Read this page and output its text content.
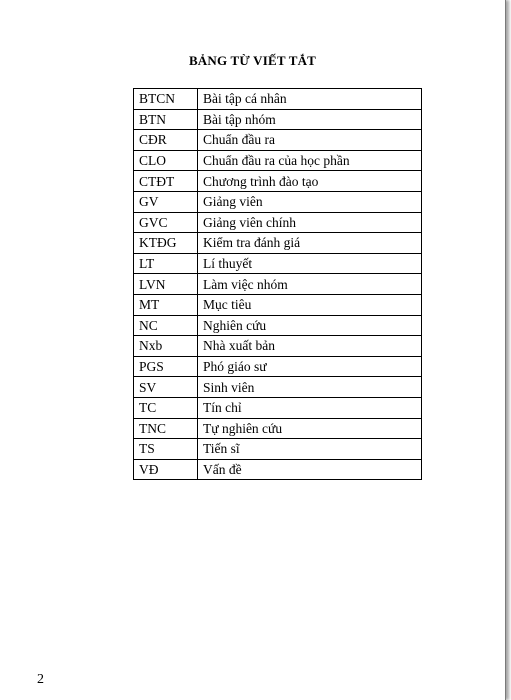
BẢNG TỪ VIẾT TẮT
BTCN	Bài tập cá nhân
BTN	Bài tập nhóm
CĐR	Chuẩn đầu ra
CLO	Chuẩn đầu ra của học phần
CTĐT	Chương trình đào tạo
GV	Giảng viên
GVC	Giảng viên chính
KTĐG	Kiểm tra đánh giá
LT	Lí thuyết
LVN	Làm việc nhóm
MT	Mục tiêu
NC	Nghiên cứu
Nxb	Nhà xuất bản
PGS	Phó giáo sư
SV	Sinh viên
TC	Tín chỉ
TNC	Tự nghiên cứu
TS	Tiến sĩ
VĐ	Vấn đề
2
